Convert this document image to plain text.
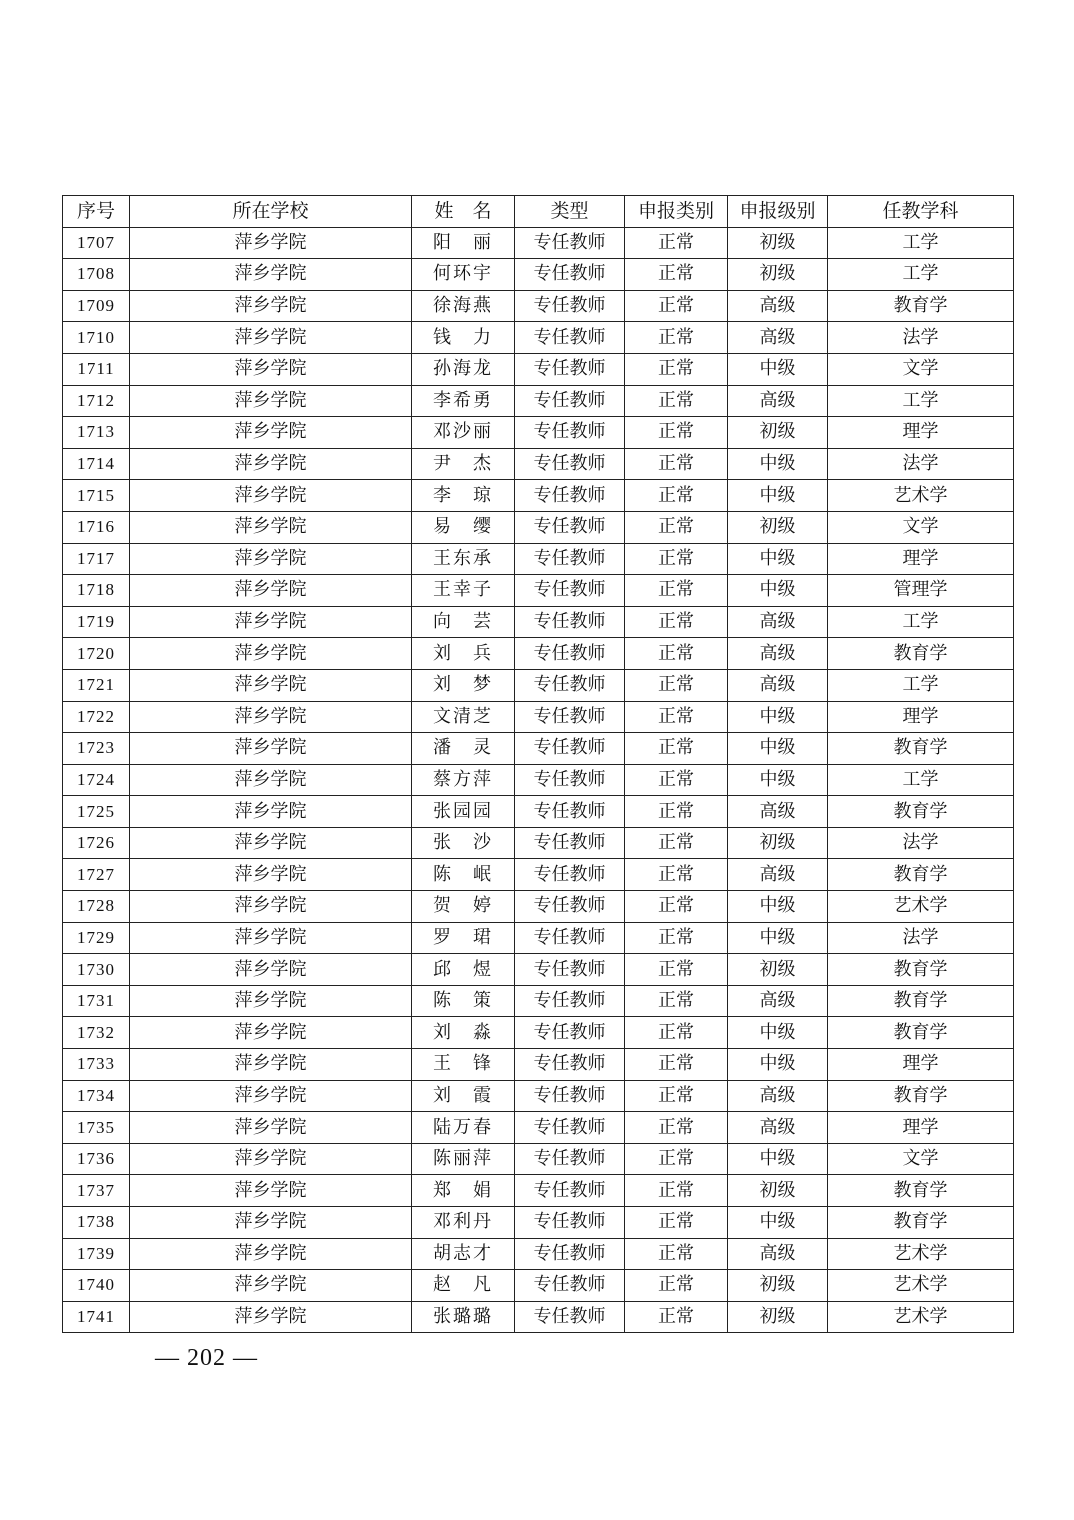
序号	所在学校	姓　名	类型	申报类别	申报级别	任教学科
1707	萍乡学院	阳　丽	专任教师	正常	初级	工学
1708	萍乡学院	何环宇	专任教师	正常	初级	工学
1709	萍乡学院	徐海燕	专任教师	正常	高级	教育学
1710	萍乡学院	钱　力	专任教师	正常	高级	法学
1711	萍乡学院	孙海龙	专任教师	正常	中级	文学
1712	萍乡学院	李希勇	专任教师	正常	高级	工学
1713	萍乡学院	邓沙丽	专任教师	正常	初级	理学
1714	萍乡学院	尹　杰	专任教师	正常	中级	法学
1715	萍乡学院	李　琼	专任教师	正常	中级	艺术学
1716	萍乡学院	易　缨	专任教师	正常	初级	文学
1717	萍乡学院	王东承	专任教师	正常	中级	理学
1718	萍乡学院	王幸子	专任教师	正常	中级	管理学
1719	萍乡学院	向　芸	专任教师	正常	高级	工学
1720	萍乡学院	刘　兵	专任教师	正常	高级	教育学
1721	萍乡学院	刘　梦	专任教师	正常	高级	工学
1722	萍乡学院	文清芝	专任教师	正常	中级	理学
1723	萍乡学院	潘　灵	专任教师	正常	中级	教育学
1724	萍乡学院	蔡方萍	专任教师	正常	中级	工学
1725	萍乡学院	张园园	专任教师	正常	高级	教育学
1726	萍乡学院	张　沙	专任教师	正常	初级	法学
1727	萍乡学院	陈　岷	专任教师	正常	高级	教育学
1728	萍乡学院	贺　婷	专任教师	正常	中级	艺术学
1729	萍乡学院	罗　珺	专任教师	正常	中级	法学
1730	萍乡学院	邱　煜	专任教师	正常	初级	教育学
1731	萍乡学院	陈　策	专任教师	正常	高级	教育学
1732	萍乡学院	刘　淼	专任教师	正常	中级	教育学
1733	萍乡学院	王　锋	专任教师	正常	中级	理学
1734	萍乡学院	刘　霞	专任教师	正常	高级	教育学
1735	萍乡学院	陆万春	专任教师	正常	高级	理学
1736	萍乡学院	陈丽萍	专任教师	正常	中级	文学
1737	萍乡学院	郑　娟	专任教师	正常	初级	教育学
1738	萍乡学院	邓利丹	专任教师	正常	中级	教育学
1739	萍乡学院	胡志才	专任教师	正常	高级	艺术学
1740	萍乡学院	赵　凡	专任教师	正常	初级	艺术学
1741	萍乡学院	张璐璐	专任教师	正常	初级	艺术学
— 202 —
